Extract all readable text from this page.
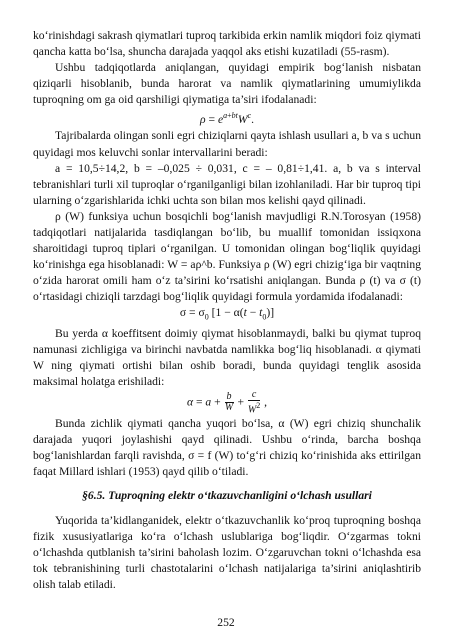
ko‘rinishdagi sakrash qiymatlari tuproq tarkibida erkin namlik miqdori foiz qiymati qancha katta bo‘lsa, shuncha darajada yaqqol aks etishi kuzatiladi (55-rasm).

Ushbu tadqiqotlarda aniqlangan, quyidagi empirik bog‘lanish nisbatan qiziqarli hisoblanib, bunda harorat va namlik qiymatlarining umumiylikda tuproqning om ga oid qarshiligi qiymatiga ta’siri ifodalanadi:

$\rho = e^{a+bt}W^c$.

Tajribalarda olingan sonli egri chiziqlarni qayta ishlash usullari a, b va s uchun quyidagi mos keluvchi sonlar intervallarini beradi:

a = 10,5÷14,2, b = –0,025 ÷ 0,031, c = – 0,81÷1,41. a, b va s interval tebranishlari turli xil tuproqlar o‘rganilganligi bilan izohlaniladi. Har bir tuproq tipi ularning o‘zgarishlarida ichki uchta son bilan mos kelishi qayd qilinadi.

ρ (W) funksiya uchun bosqichli bog‘lanish mavjudligi R.N.Torosyan (1958) tadqiqotlari natijalarida tasdiqlangan bo‘lib, bu muallif tomonidan issiqxona sharoitidagi tuproq tiplari o‘rganilgan. U tomonidan olingan bog‘liqlik quyidagi ko‘rinishga ega hisoblanadi: W = aρ^b. Funksiya ρ (W) egri chizig‘iga bir vaqtning o‘zida harorat omili ham o‘z ta’sirini ko‘rsatishi aniqlangan. Bunda ρ (t) va σ (t) o‘rtasidagi chiziqli tarzdagi bog‘liqlik quyidagi formula yordamida ifodalanadi:

$\sigma = \sigma_0$ $[1 - \alpha(t - t_0)]$

Bu yerda α koeffitsent doimiy qiymat hisoblanmaydi, balki bu qiymat tuproq namunasi zichligiga va birinchi navbatda namlikka bog‘liq hisoblanadi. α qiymati W ning qiymati ortishi bilan oshib boradi, bunda quyidagi tenglik asosida maksimal holatga erishiladi:

$\alpha = a + \frac{b}{W} + \frac{c}{W^2}$ ,

Bunda zichlik qiymati qancha yuqori bo‘lsa, α (W) egri chiziq shunchalik darajada yuqori joylashishi qayd qilinadi. Ushbu o‘rinda, barcha boshqa bog‘lanishlardan farqli ravishda, σ = f (W) to‘g‘ri chiziq ko‘rinishida aks ettirilgan faqat Millard ishlari (1953) qayd qilib o‘tiladi.

§6.5. Tuproqning elektr o‘tkazuvchanligini o‘lchash usullari

Yuqorida ta’kidlanganidek, elektr o‘tkazuvchanlik ko‘proq tuproqning boshqa fizik xususiyatlariga ko‘ra o‘lchash uslublariga bog‘liqdir. O‘zgarmas tokni o‘lchashda qutblanish ta’sirini baholash lozim. O‘zgaruvchan tokni o‘lchashda esa tok tebranishining turli chastotalarini o‘lchash natijalariga ta’sirini aniqlashtirib olish talab etiladi.

252
